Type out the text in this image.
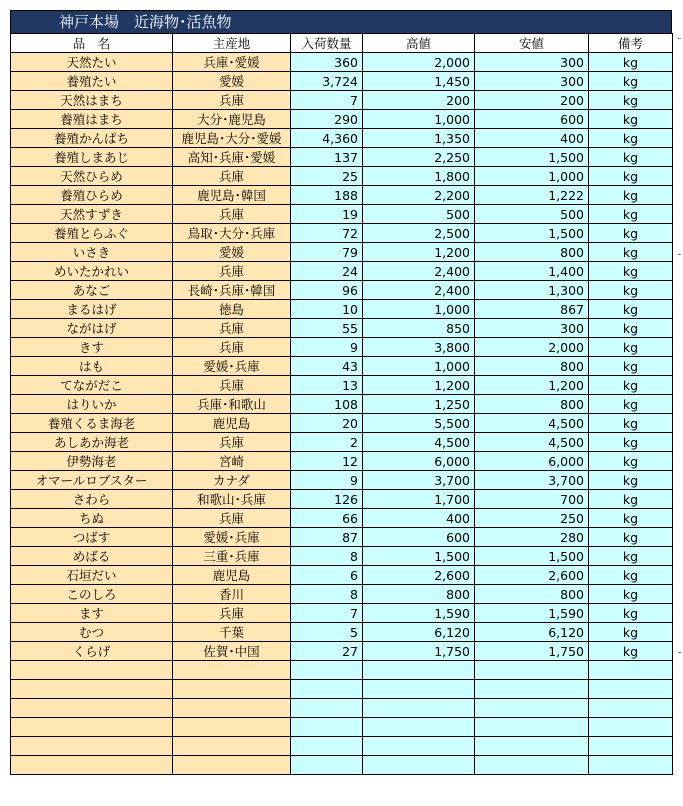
神戸本場　近海物･活魚物
品　名	主産地	入荷数量	高値	安値	備考
天然たい	兵庫･愛媛	360	2,000	300	kg
養殖たい	愛媛	3,724	1,450	300	kg
天然はまち	兵庫	7	200	200	kg
養殖はまち	大分･鹿児島	290	1,000	600	kg
養殖かんぱち	鹿児島･大分･愛媛	4,360	1,350	400	kg
養殖しまあじ	高知･兵庫･愛媛	137	2,250	1,500	kg
天然ひらめ	兵庫	25	1,800	1,000	kg
養殖ひらめ	鹿児島･韓国	188	2,200	1,222	kg
天然すずき	兵庫	19	500	500	kg
養殖とらふぐ	鳥取･大分･兵庫	72	2,500	1,500	kg
いさき	愛媛	79	1,200	800	kg
めいたかれい	兵庫	24	2,400	1,400	kg
あなご	長崎･兵庫･韓国	96	2,400	1,300	kg
まるはげ	徳島	10	1,000	867	kg
ながはげ	兵庫	55	850	300	kg
きす	兵庫	9	3,800	2,000	kg
はも	愛媛･兵庫	43	1,000	800	kg
てながだこ	兵庫	13	1,200	1,200	kg
はりいか	兵庫･和歌山	108	1,250	800	kg
養殖くるま海老	鹿児島	20	5,500	4,500	kg
あしあか海老	兵庫	2	4,500	4,500	kg
伊勢海老	宮崎	12	6,000	6,000	kg
オマールロブスター	カナダ	9	3,700	3,700	kg
さわら	和歌山･兵庫	126	1,700	700	kg
ちぬ	兵庫	66	400	250	kg
つばす	愛媛･兵庫	87	600	280	kg
めばる	三重･兵庫	8	1,500	1,500	kg
石垣だい	鹿児島	6	2,600	2,600	kg
このしろ	香川	8	800	800	kg
ます	兵庫	7	1,590	1,590	kg
むつ	千葉	5	6,120	6,120	kg
くらげ	佐賀･中国	27	1,750	1,750	kg
